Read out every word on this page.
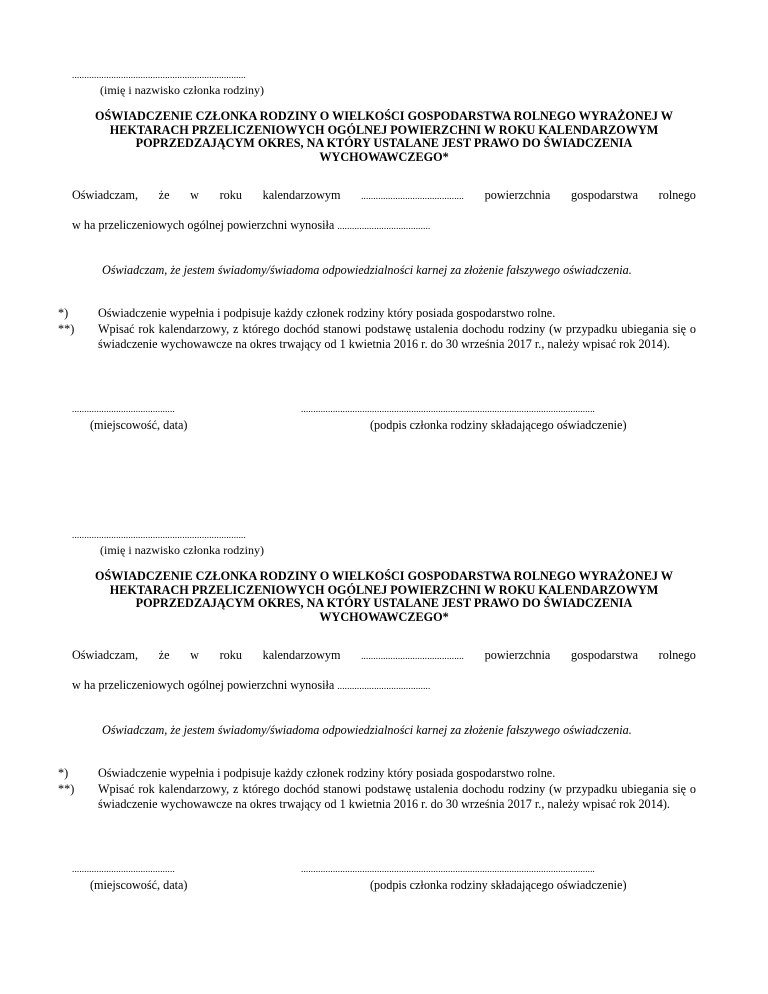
.......................................................................
(imię i nazwisko członka rodziny)
OŚWIADCZENIE CZŁONKA RODZINY O WIELKOŚCI GOSPODARSTWA ROLNEGO WYRAŻONEJ W HEKTARACH PRZELICZENIOWYCH OGÓLNEJ POWIERZCHNI W ROKU KALENDARZOWYM POPRZEDZAJĄCYM OKRES, NA KTÓRY USTALANE JEST PRAWO DO ŚWIADCZENIA WYCHOWAWCZEGO*
Oświadczam, że w roku kalendarzowym .......................................... powierzchnia gospodarstwa rolnego
w ha przeliczeniowych ogólnej powierzchni wynosiła ......................................
Oświadczam, że jestem świadomy/świadoma odpowiedzialności karnej za złożenie fałszywego oświadczenia.
*)	Oświadczenie wypełnia i podpisuje każdy członek rodziny który posiada gospodarstwo rolne.
**)	Wpisać rok kalendarzowy, z którego dochód stanowi podstawę ustalenia dochodu rodziny (w przypadku ubiegania się o świadczenie wychowawcze na okres trwający od 1 kwietnia 2016 r. do 30 września 2017 r., należy wpisać rok 2014).
..........................................
(miejscowość, data)
........................................................................................................................
(podpis członka rodziny składającego oświadczenie)
.......................................................................
(imię i nazwisko członka rodziny)
OŚWIADCZENIE CZŁONKA RODZINY O WIELKOŚCI GOSPODARSTWA ROLNEGO WYRAŻONEJ W HEKTARACH PRZELICZENIOWYCH OGÓLNEJ POWIERZCHNI W ROKU KALENDARZOWYM POPRZEDZAJĄCYM OKRES, NA KTÓRY USTALANE JEST PRAWO DO ŚWIADCZENIA WYCHOWAWCZEGO*
Oświadczam, że w roku kalendarzowym .......................................... powierzchnia gospodarstwa rolnego
w ha przeliczeniowych ogólnej powierzchni wynosiła ......................................
Oświadczam, że jestem świadomy/świadoma odpowiedzialności karnej za złożenie fałszywego oświadczenia.
*)	Oświadczenie wypełnia i podpisuje każdy członek rodziny który posiada gospodarstwo rolne.
**)	Wpisać rok kalendarzowy, z którego dochód stanowi podstawę ustalenia dochodu rodziny (w przypadku ubiegania się o świadczenie wychowawcze na okres trwający od 1 kwietnia 2016 r. do 30 września 2017 r., należy wpisać rok 2014).
..........................................
(miejscowość, data)
........................................................................................................................
(podpis członka rodziny składającego oświadczenie)
